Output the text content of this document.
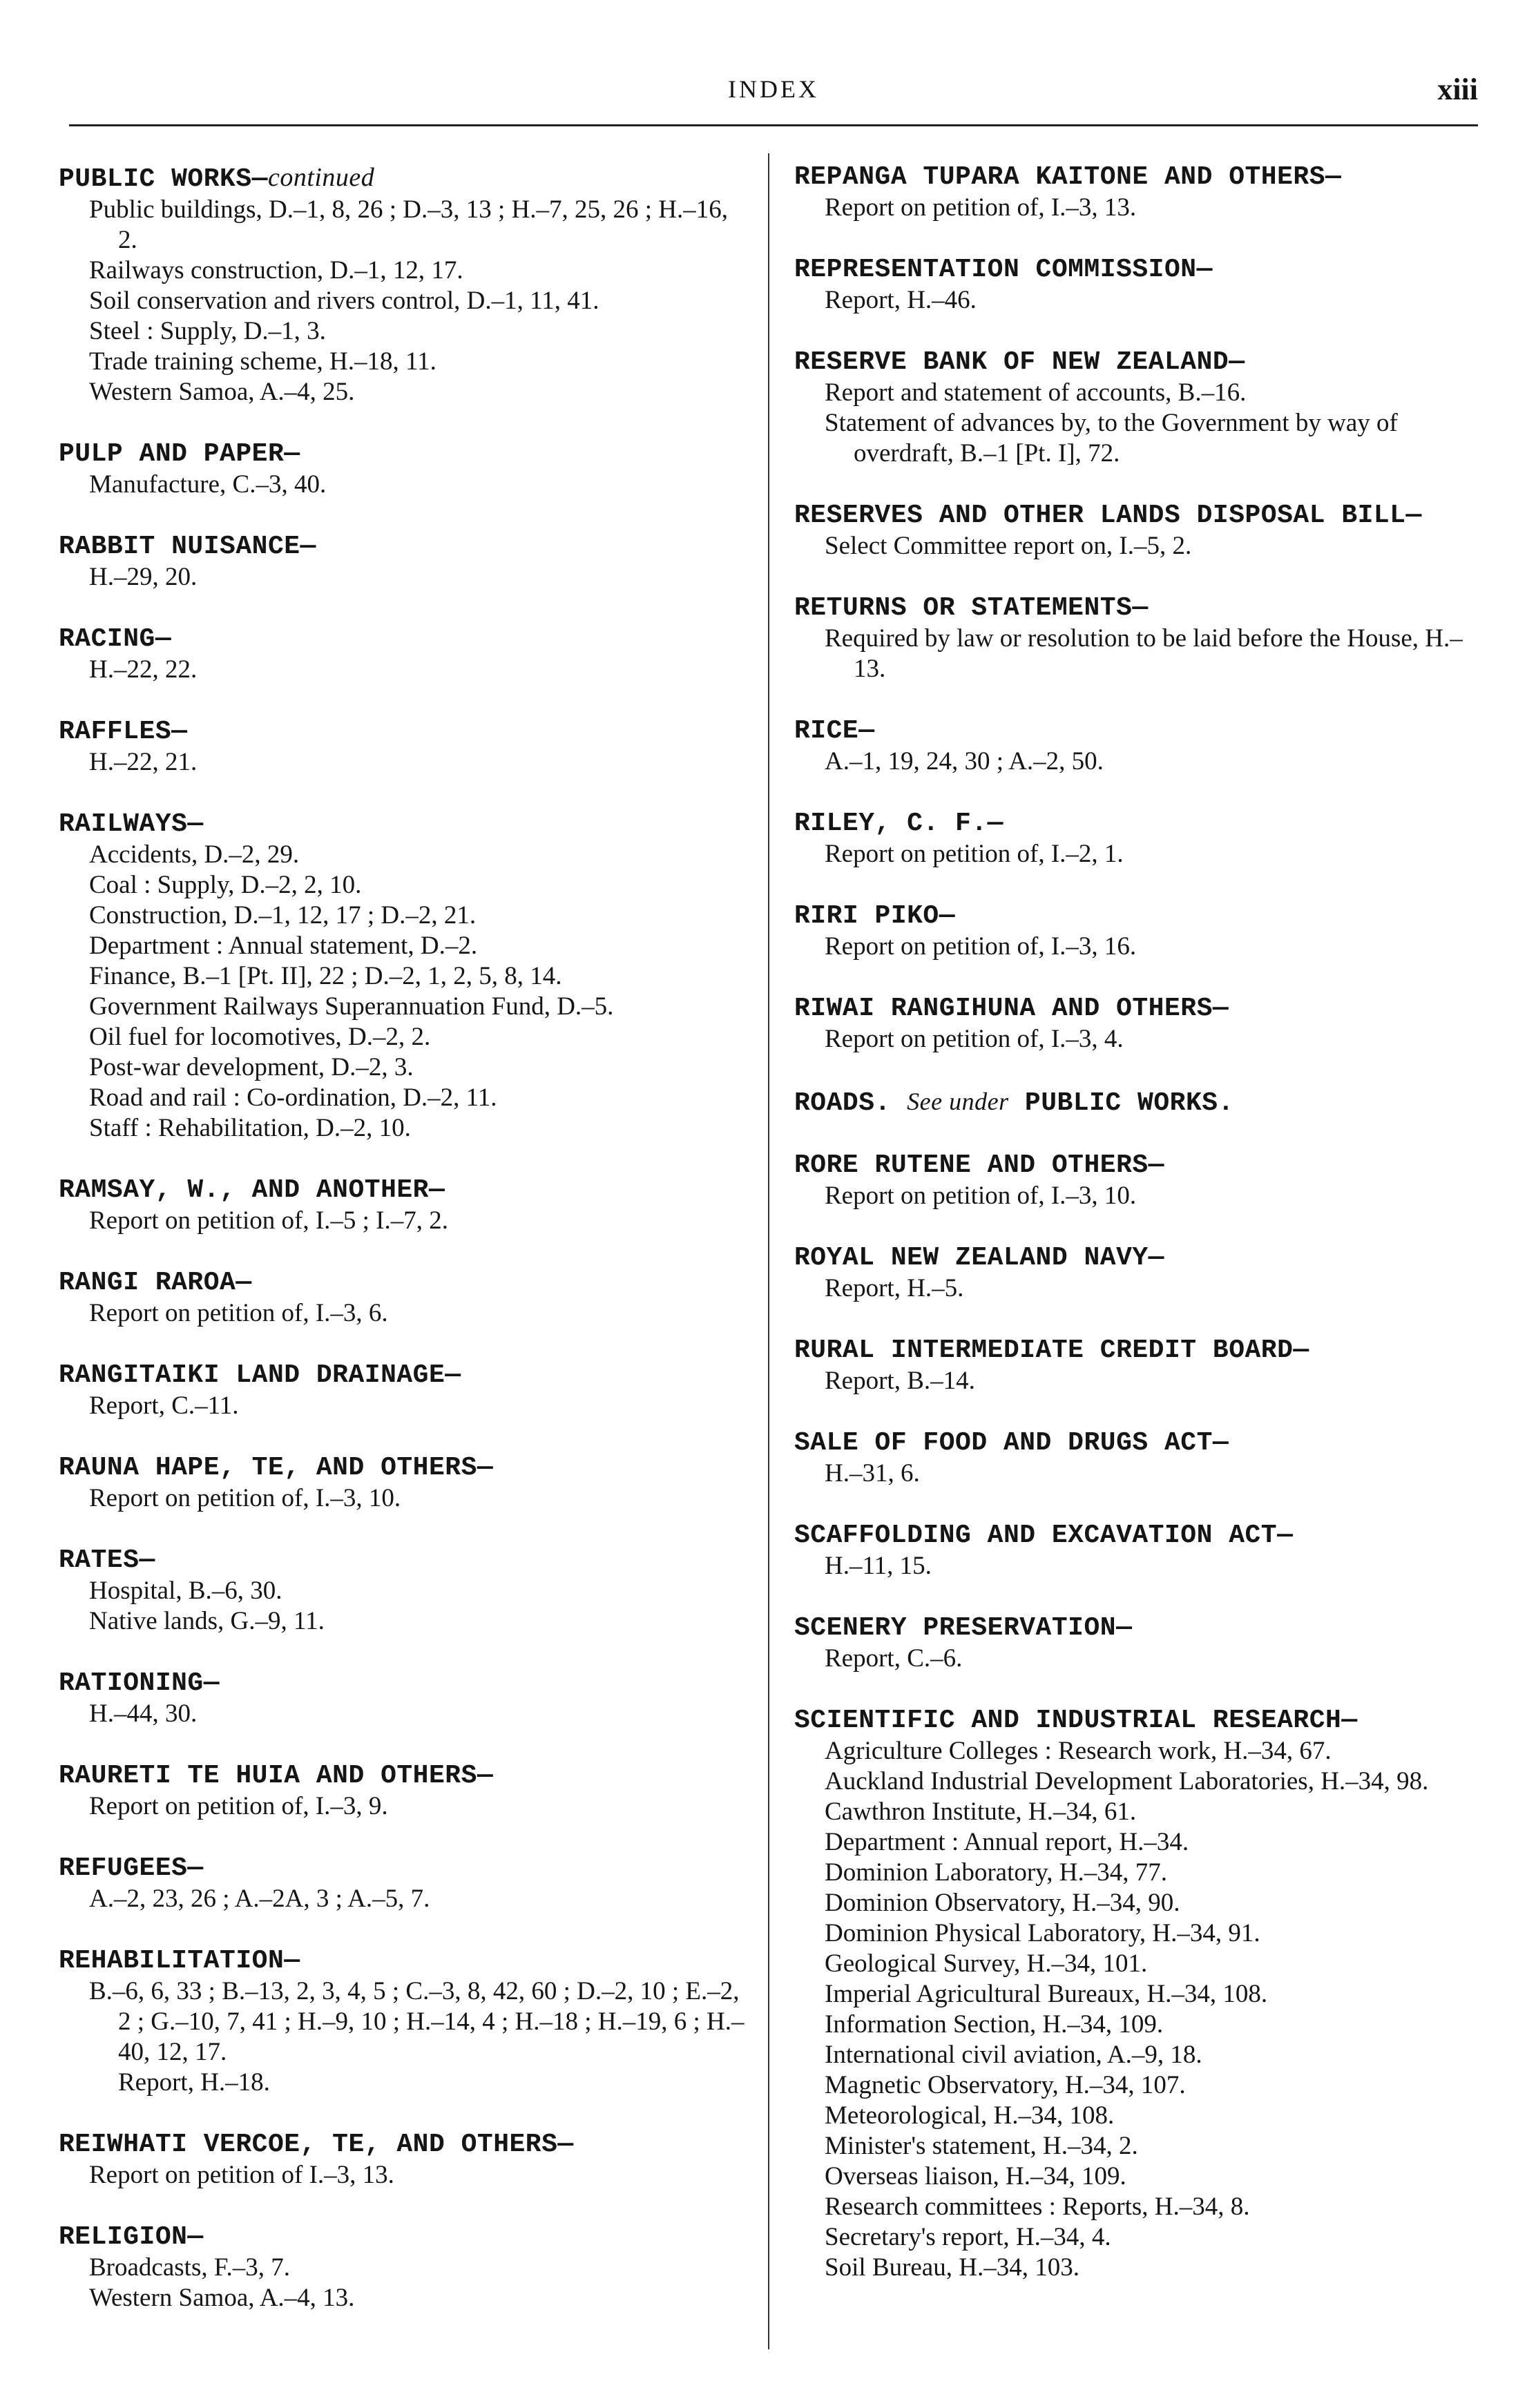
INDEX	xiii
PUBLIC WORKS—continued
Public buildings, D.–1, 8, 26 ; D.–3, 13 ; H.–7, 25, 26 ; H.–16, 2.
Railways construction, D.–1, 12, 17.
Soil conservation and rivers control, D.–1, 11, 41.
Steel : Supply, D.–1, 3.
Trade training scheme, H.–18, 11.
Western Samoa, A.–4, 25.
PULP AND PAPER—
Manufacture, C.–3, 40.
RABBIT NUISANCE—
H.–29, 20.
RACING—
H.–22, 22.
RAFFLES—
H.–22, 21.
RAILWAYS—
Accidents, D.–2, 29.
Coal : Supply, D.–2, 2, 10.
Construction, D.–1, 12, 17 ; D.–2, 21.
Department : Annual statement, D.–2.
Finance, B.–1 [Pt. II], 22 ; D.–2, 1, 2, 5, 8, 14.
Government Railways Superannuation Fund, D.–5.
Oil fuel for locomotives, D.–2, 2.
Post-war development, D.–2, 3.
Road and rail : Co-ordination, D.–2, 11.
Staff : Rehabilitation, D.–2, 10.
RAMSAY, W., AND ANOTHER—
Report on petition of, I.–5 ; I.–7, 2.
RANGI RAROA—
Report on petition of, I.–3, 6.
RANGITAIKI LAND DRAINAGE—
Report, C.–11.
RAUNA HAPE, TE, AND OTHERS—
Report on petition of, I.–3, 10.
RATES—
Hospital, B.–6, 30.
Native lands, G.–9, 11.
RATIONING—
H.–44, 30.
RAURETI TE HUIA AND OTHERS—
Report on petition of, I.–3, 9.
REFUGEES—
A.–2, 23, 26 ; A.–2A, 3 ; A.–5, 7.
REHABILITATION—
B.–6, 6, 33 ; B.–13, 2, 3, 4, 5 ; C.–3, 8, 42, 60 ; D.–2, 10 ; E.–2, 2 ; G.–10, 7, 41 ; H.–9, 10 ; H.–14, 4 ; H.–18 ; H.–19, 6 ; H.–40, 12, 17.
Report, H.–18.
REIWHATI VERCOE, TE, AND OTHERS—
Report on petition of I.–3, 13.
RELIGION—
Broadcasts, F.–3, 7.
Western Samoa, A.–4, 13.
REPANGA TUPARA KAITONE AND OTHERS—
Report on petition of, I.–3, 13.
REPRESENTATION COMMISSION—
Report, H.–46.
RESERVE BANK OF NEW ZEALAND—
Report and statement of accounts, B.–16.
Statement of advances by, to the Government by way of overdraft, B.–1 [Pt. I], 72.
RESERVES AND OTHER LANDS DISPOSAL BILL—
Select Committee report on, I.–5, 2.
RETURNS OR STATEMENTS—
Required by law or resolution to be laid before the House, H.–13.
RICE—
A.–1, 19, 24, 30 ; A.–2, 50.
RILEY, C. F.—
Report on petition of, I.–2, 1.
RIRI PIKO—
Report on petition of, I.–3, 16.
RIWAI RANGIHUNA AND OTHERS—
Report on petition of, I.–3, 4.
ROADS. See under PUBLIC WORKS.
RORE RUTENE AND OTHERS—
Report on petition of, I.–3, 10.
ROYAL NEW ZEALAND NAVY—
Report, H.–5.
RURAL INTERMEDIATE CREDIT BOARD—
Report, B.–14.
SALE OF FOOD AND DRUGS ACT—
H.–31, 6.
SCAFFOLDING AND EXCAVATION ACT—
H.–11, 15.
SCENERY PRESERVATION—
Report, C.–6.
SCIENTIFIC AND INDUSTRIAL RESEARCH—
Agriculture Colleges : Research work, H.–34, 67.
Auckland Industrial Development Laboratories, H.–34, 98.
Cawthron Institute, H.–34, 61.
Department : Annual report, H.–34.
Dominion Laboratory, H.–34, 77.
Dominion Observatory, H.–34, 90.
Dominion Physical Laboratory, H.–34, 91.
Geological Survey, H.–34, 101.
Imperial Agricultural Bureaux, H.–34, 108.
Information Section, H.–34, 109.
International civil aviation, A.–9, 18.
Magnetic Observatory, H.–34, 107.
Meteorological, H.–34, 108.
Minister's statement, H.–34, 2.
Overseas liaison, H.–34, 109.
Research committees : Reports, H.–34, 8.
Secretary's report, H.–34, 4.
Soil Bureau, H.–34, 103.
